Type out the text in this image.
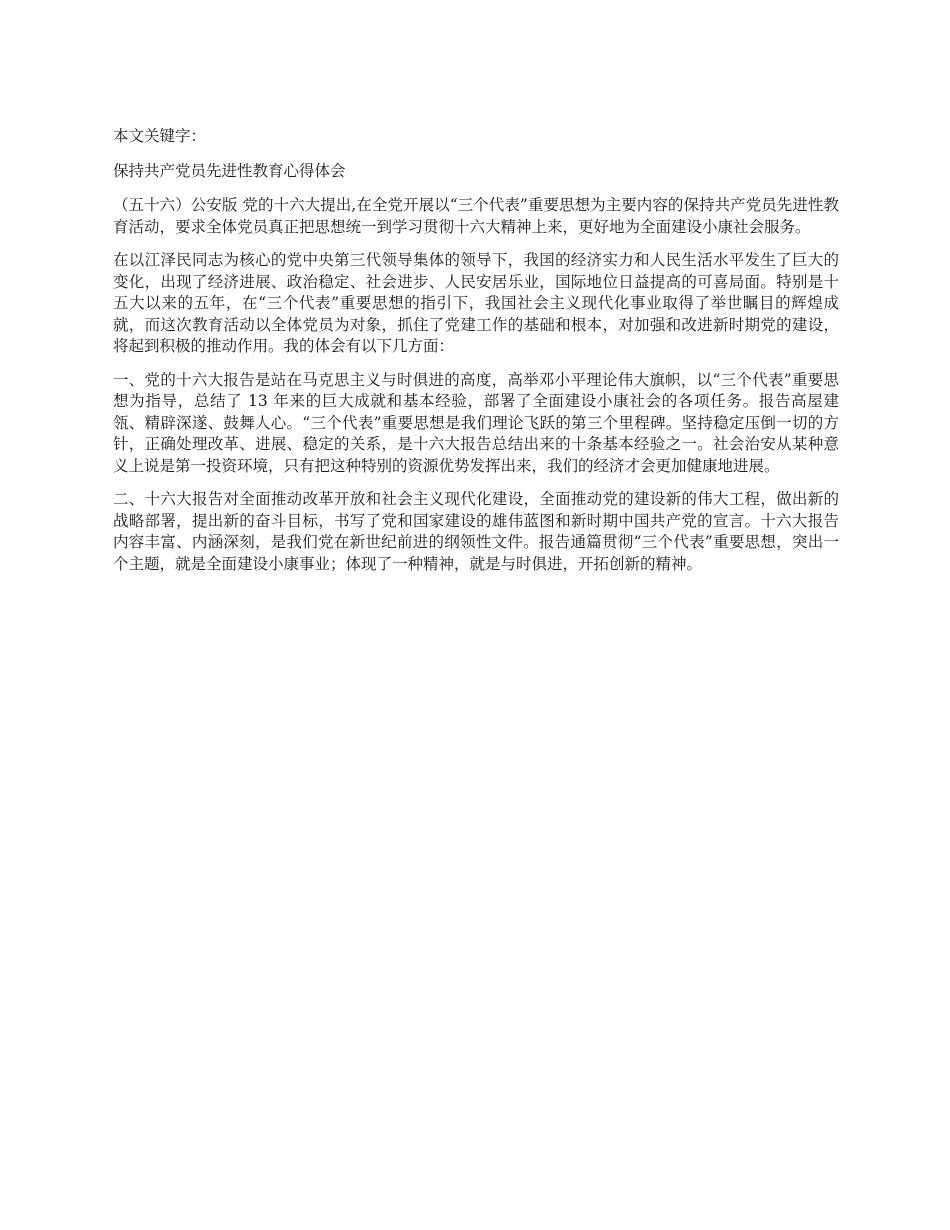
本文关键字：

保持共产党员先进性教育心得体会

（五十六）公安版 党的十六大提出,在全党开展以“三个代表”重要思想为主要内容的保持共产党员先进性教育活动，要求全体党员真正把思想统一到学习贯彻十六大精神上来，更好地为全面建设小康社会服务。

在以江泽民同志为核心的党中央第三代领导集体的领导下，我国的经济实力和人民生活水平发生了巨大的变化，出现了经济进展、政治稳定、社会进步、人民安居乐业，国际地位日益提高的可喜局面。特别是十五大以来的五年，在“三个代表”重要思想的指引下，我国社会主义现代化事业取得了举世瞩目的辉煌成就，而这次教育活动以全体党员为对象，抓住了党建工作的基础和根本，对加强和改进新时期党的建设，将起到积极的推动作用。我的体会有以下几方面：

一、党的十六大报告是站在马克思主义与时俱进的高度，高举邓小平理论伟大旗帜，以“三个代表”重要思想为指导，总结了 13 年来的巨大成就和基本经验，部署了全面建设小康社会的各项任务。报告高屋建瓴、精辟深遂、鼓舞人心。“三个代表”重要思想是我们理论飞跃的第三个里程碑。坚持稳定压倒一切的方针，正确处理改革、进展、稳定的关系，是十六大报告总结出来的十条基本经验之一。社会治安从某种意义上说是第一投资环境，只有把这种特别的资源优势发挥出来，我们的经济才会更加健康地进展。

二、十六大报告对全面推动改革开放和社会主义现代化建设，全面推动党的建设新的伟大工程，做出新的战略部署，提出新的奋斗目标，书写了党和国家建设的雄伟蓝图和新时期中国共产党的宣言。十六大报告内容丰富、内涵深刻，是我们党在新世纪前进的纲领性文件。报告通篇贯彻“三个代表”重要思想，突出一个主题，就是全面建设小康事业；体现了一种精神，就是与时俱进，开拓创新的精神。
